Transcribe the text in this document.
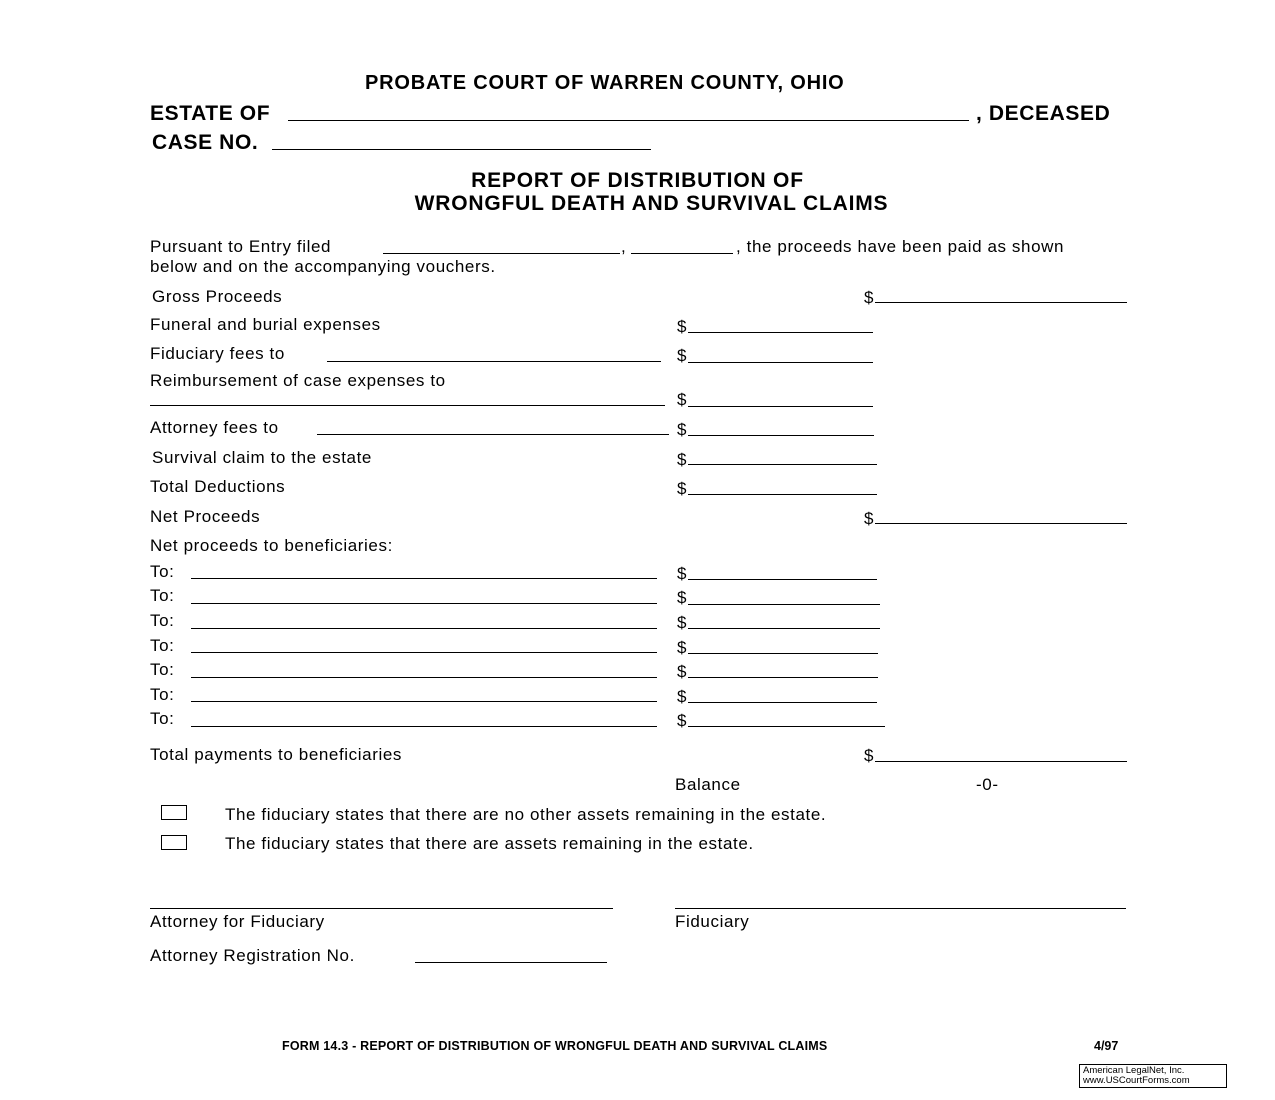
PROBATE COURT OF WARREN COUNTY, OHIO
ESTATE OF	, DECEASED
CASE NO.
REPORT OF DISTRIBUTION OF
WRONGFUL DEATH AND SURVIVAL CLAIMS
Pursuant to Entry filed	,	, the proceeds have been paid as shown
below and on the accompanying vouchers.
Gross Proceeds	$
Funeral and burial expenses	$
Fiduciary fees to	$
Reimbursement of case expenses to
$
Attorney fees to	$
Survival claim to the estate	$
Total Deductions	$
Net Proceeds	$
Net proceeds to beneficiaries:
To:	$
To:	$
To:	$
To:	$
To:	$
To:	$
To:	$
Total payments to beneficiaries	$
Balance	-0-
The fiduciary states that there are no other assets remaining in the estate.
The fiduciary states that there are assets remaining in the estate.
Attorney for Fiduciary	Fiduciary
Attorney Registration No.
FORM 14.3 - REPORT OF DISTRIBUTION OF WRONGFUL DEATH AND SURVIVAL CLAIMS	4/97
American LegalNet, Inc.
www.USCourtForms.com
